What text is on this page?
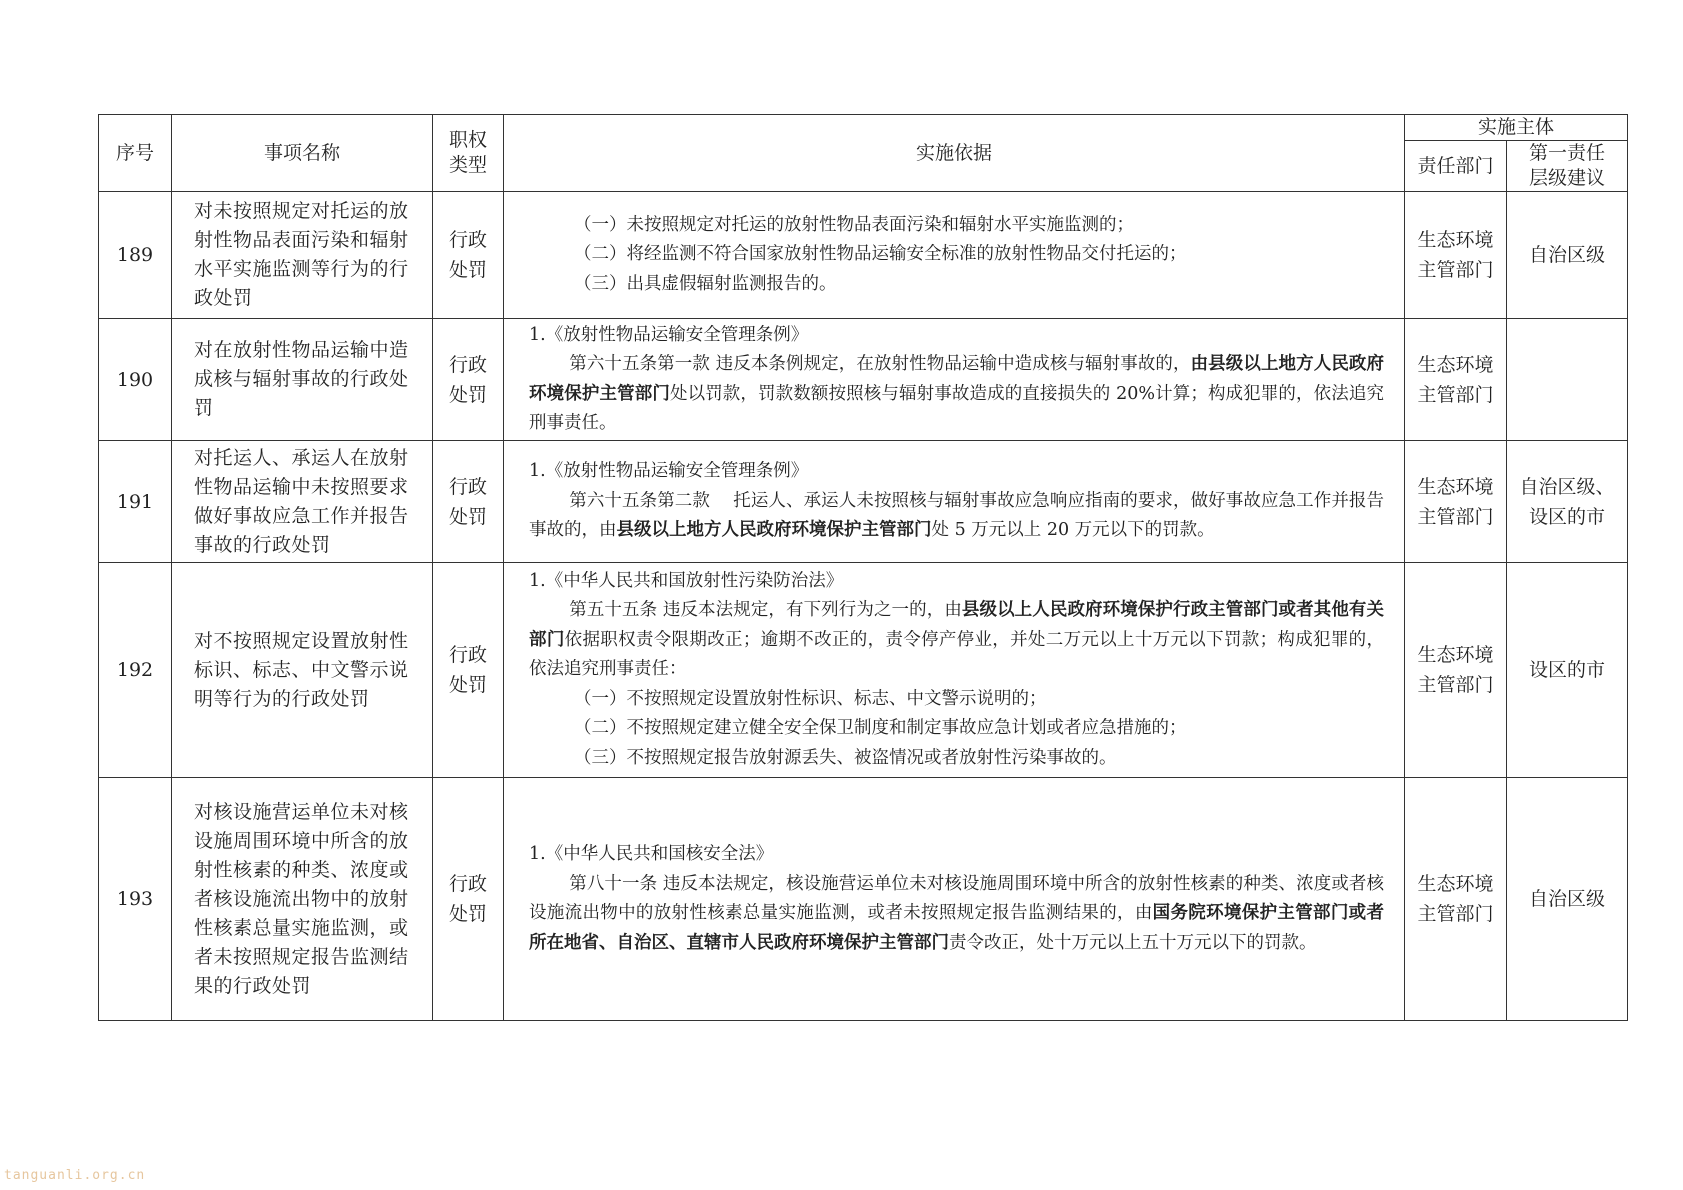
序号	事项名称	职权类型	实施依据	实施主体	
				责任部门	第一责任层级建议
189	对未按照规定对托运的放射性物品表面污染和辐射水平实施监测等行为的行政处罚	行政处罚	（一）未按照规定对托运的放射性物品表面污染和辐射水平实施监测的；
（二）将经监测不符合国家放射性物品运输安全标准的放射性物品交付托运的；
（三）出具虚假辐射监测报告的。	生态环境主管部门	自治区级
190	对在放射性物品运输中造成核与辐射事故的行政处罚	行政处罚	1.《放射性物品运输安全管理条例》
第六十五条第一款 违反本条例规定，在放射性物品运输中造成核与辐射事故的，由县级以上地方人民政府环境保护主管部门处以罚款，罚款数额按照核与辐射事故造成的直接损失的 20%计算；构成犯罪的，依法追究刑事责任。	生态环境主管部门	
191	对托运人、承运人在放射性物品运输中未按照要求做好事故应急工作并报告事故的行政处罚	行政处罚	1.《放射性物品运输安全管理条例》
第六十五条第二款　 托运人、承运人未按照核与辐射事故应急响应指南的要求，做好事故应急工作并报告事故的，由县级以上地方人民政府环境保护主管部门处 5 万元以上 20 万元以下的罚款。	生态环境主管部门	自治区级、设区的市
192	对不按照规定设置放射性标识、标志、中文警示说明等行为的行政处罚	行政处罚	1.《中华人民共和国放射性污染防治法》
第五十五条 违反本法规定，有下列行为之一的，由县级以上人民政府环境保护行政主管部门或者其他有关部门依据职权责令限期改正；逾期不改正的，责令停产停业，并处二万元以上十万元以下罚款；构成犯罪的，依法追究刑事责任：
（一）不按照规定设置放射性标识、标志、中文警示说明的；
（二）不按照规定建立健全安全保卫制度和制定事故应急计划或者应急措施的；
（三）不按照规定报告放射源丢失、被盗情况或者放射性污染事故的。	生态环境主管部门	设区的市
193	对核设施营运单位未对核设施周围环境中所含的放射性核素的种类、浓度或者核设施流出物中的放射性核素总量实施监测，或者未按照规定报告监测结果的行政处罚	行政处罚	1.《中华人民共和国核安全法》
第八十一条 违反本法规定，核设施营运单位未对核设施周围环境中所含的放射性核素的种类、浓度或者核设施流出物中的放射性核素总量实施监测，或者未按照规定报告监测结果的，由国务院环境保护主管部门或者所在地省、自治区、直辖市人民政府环境保护主管部门责令改正，处十万元以上五十万元以下的罚款。	生态环境主管部门	自治区级
tanguanli.org.cn
